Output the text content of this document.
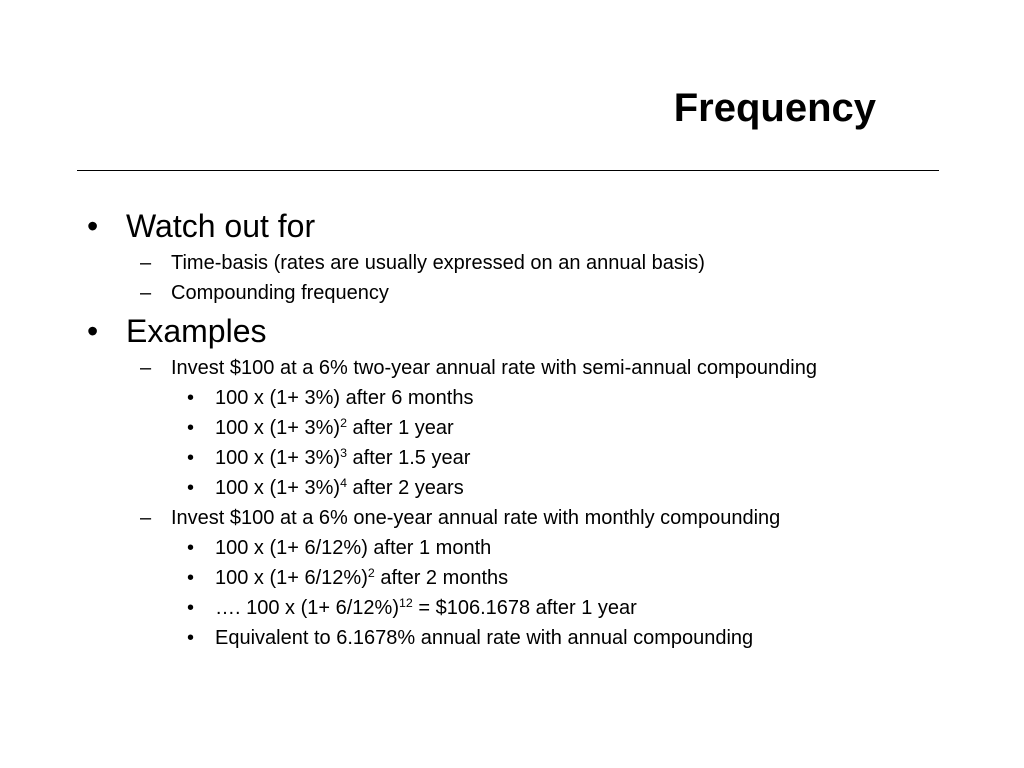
Frequency
• Watch out for
– Time-basis (rates are usually expressed on an annual basis)
– Compounding frequency
• Examples
– Invest $100 at a 6% two-year annual rate with semi-annual compounding
• 100 x (1+ 3%) after 6 months
• 100 x $(1+ 3\%)^2$ after 1 year
• 100 x $(1+ 3\%)^3$ after 1.5 year
• 100 x $(1+ 3\%)^4$ after 2 years
– Invest $100 at a 6% one-year annual rate with monthly compounding
• 100 x (1+ 6/12%) after 1 month
• 100 x $(1+ 6/12\%)^2$ after 2 months
• …. 100 x $(1+ 6/12\%)^{12}$ = $106.1678 after 1 year
• Equivalent to 6.1678% annual rate with annual compounding
